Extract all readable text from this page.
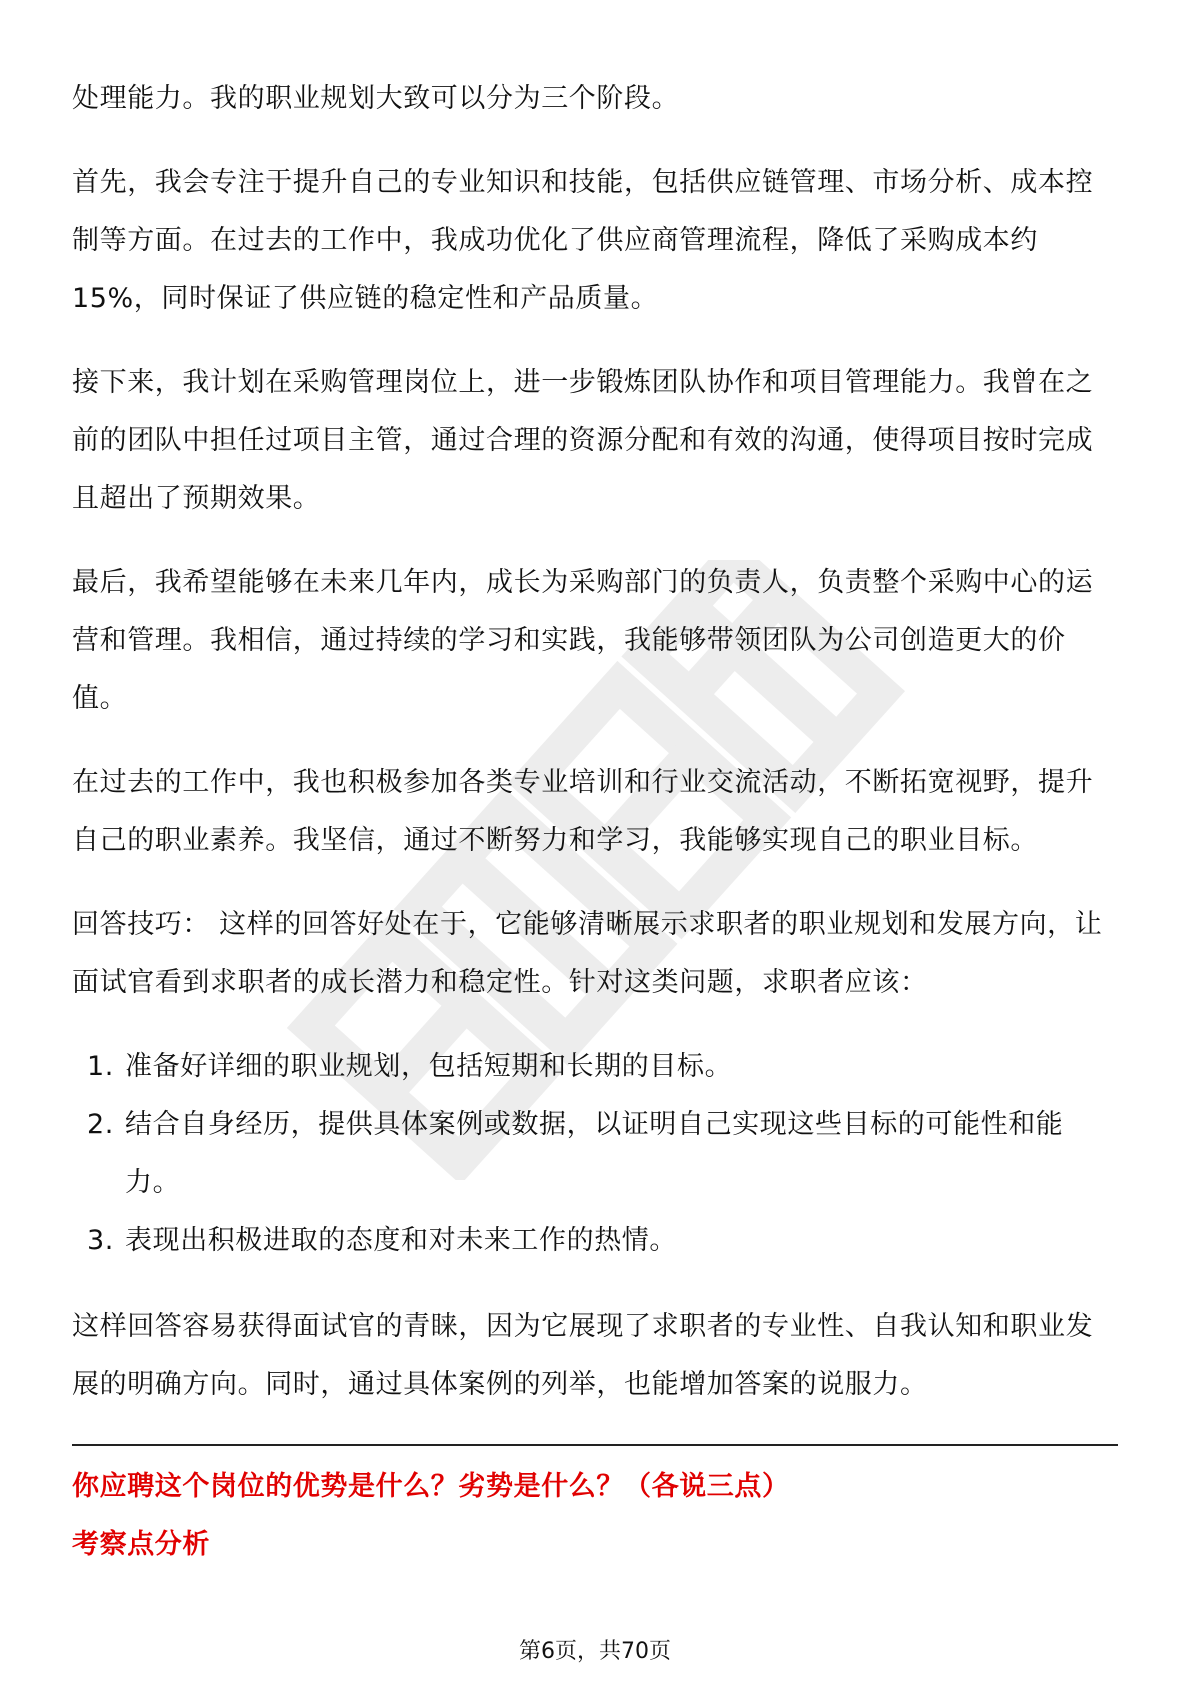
处理能力。我的职业规划大致可以分为三个阶段。

首先，我会专注于提升自己的专业知识和技能，包括供应链管理、市场分析、成本控制等方面。在过去的工作中，我成功优化了供应商管理流程，降低了采购成本约15%，同时保证了供应链的稳定性和产品质量。

接下来，我计划在采购管理岗位上，进一步锻炼团队协作和项目管理能力。我曾在之前的团队中担任过项目主管，通过合理的资源分配和有效的沟通，使得项目按时完成且超出了预期效果。

最后，我希望能够在未来几年内，成长为采购部门的负责人，负责整个采购中心的运营和管理。我相信，通过持续的学习和实践，我能够带领团队为公司创造更大的价值。

在过去的工作中，我也积极参加各类专业培训和行业交流活动，不断拓宽视野，提升自己的职业素养。我坚信，通过不断努力和学习，我能够实现自己的职业目标。

回答技巧： 这样的回答好处在于，它能够清晰展示求职者的职业规划和发展方向，让面试官看到求职者的成长潜力和稳定性。针对这类问题，求职者应该：

1. 准备好详细的职业规划，包括短期和长期的目标。
2. 结合自身经历，提供具体案例或数据，以证明自己实现这些目标的可能性和能力。
3. 表现出积极进取的态度和对未来工作的热情。

这样回答容易获得面试官的青睐，因为它展现了求职者的专业性、自我认知和职业发展的明确方向。同时，通过具体案例的列举，也能增加答案的说服力。

你应聘这个岗位的优势是什么？劣势是什么？（各说三点）
考察点分析
第6页，共70页
